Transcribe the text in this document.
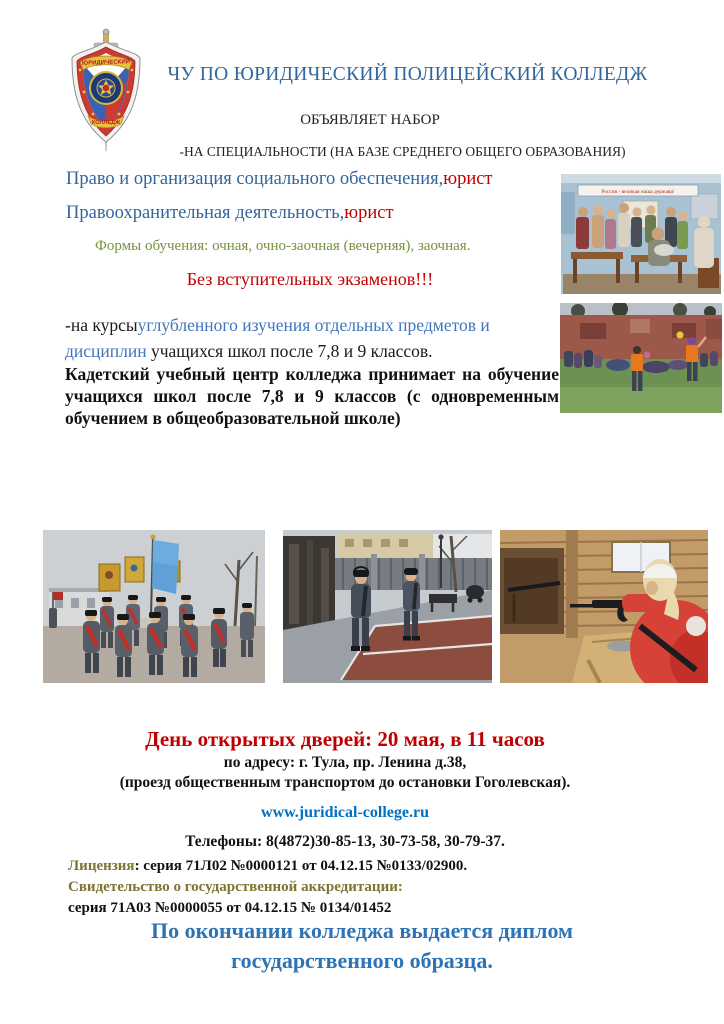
ЮРИДИЧЕСКИЙ
КОЛЛЕДЖ
ЧУ ПО ЮРИДИЧЕСКИЙ ПОЛИЦЕЙСКИЙ КОЛЛЕДЖ
ОБЪЯВЛЯЕТ НАБОР
-НА СПЕЦИАЛЬНОСТИ (НА БАЗЕ СРЕДНЕГО ОБЩЕГО ОБРАЗОВАНИЯ)
Право и организация социального обеспечения,юрист
Правоохранительная деятельность,юрист
Формы обучения: очная, очно-заочная (вечерняя), заочная.
Без вступительных экзаменов!!!
-на курсыуглубленного изучения отдельных предметов и дисциплин учащихся школ после 7,8 и 9 классов.
Кадетский учебный центр колледжа принимает на обучение учащихся школ после 7,8 и 9 классов (с одновременным обучением в общеобразовательной школе)
Россия - великая наша держава!
День открытых дверей: 20 мая, в 11 часов
по адресу: г. Тула, пр. Ленина д.38,
(проезд общественным транспортом до остановки Гоголевская).
www.juridical-college.ru
Телефоны: 8(4872)30-85-13, 30-73-58, 30-79-37.
Лицензия: серия 71Л02 №0000121 от 04.12.15 №0133/02900.
Свидетельство о государственной аккредитации:
серия 71А03 №0000055 от 04.12.15 № 0134/01452
По окончании колледжа выдается диплом
государственного образца.
